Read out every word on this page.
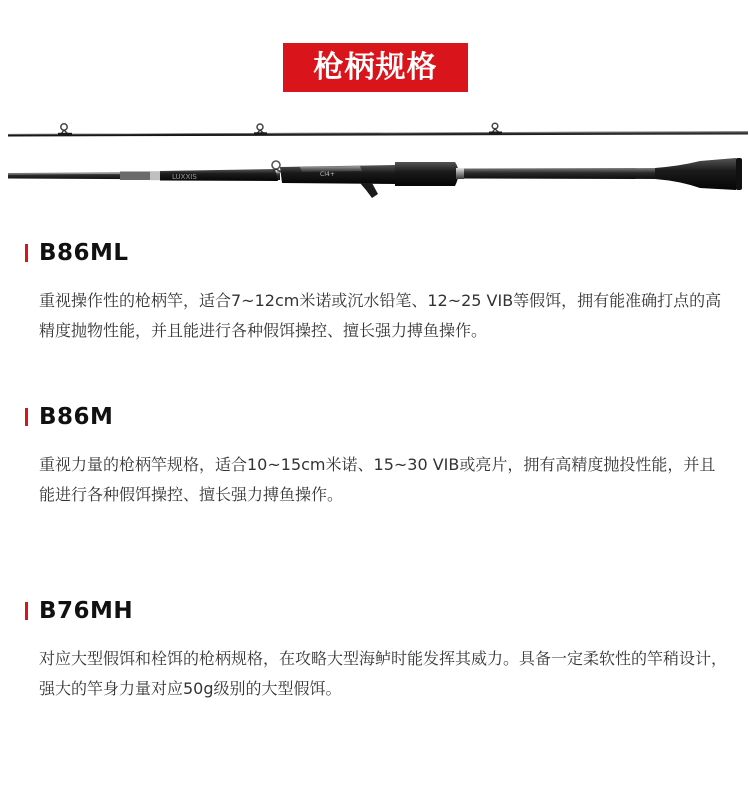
枪柄规格
LUXXIS	CI4+
B86ML
重视操作性的枪柄竿，适合7~12cm米诺或沉水铅笔、12~25 VIB等假饵，拥有能准确打点的高精度抛物性能，并且能进行各种假饵操控、擅长强力搏鱼操作。
B86M
重视力量的枪柄竿规格，适合10~15cm米诺、15~30 VIB或亮片，拥有高精度抛投性能，并且能进行各种假饵操控、擅长强力搏鱼操作。
B76MH
对应大型假饵和栓饵的枪柄规格，在攻略大型海鲈时能发挥其威力。具备一定柔软性的竿稍设计，强大的竿身力量对应50g级别的大型假饵。
